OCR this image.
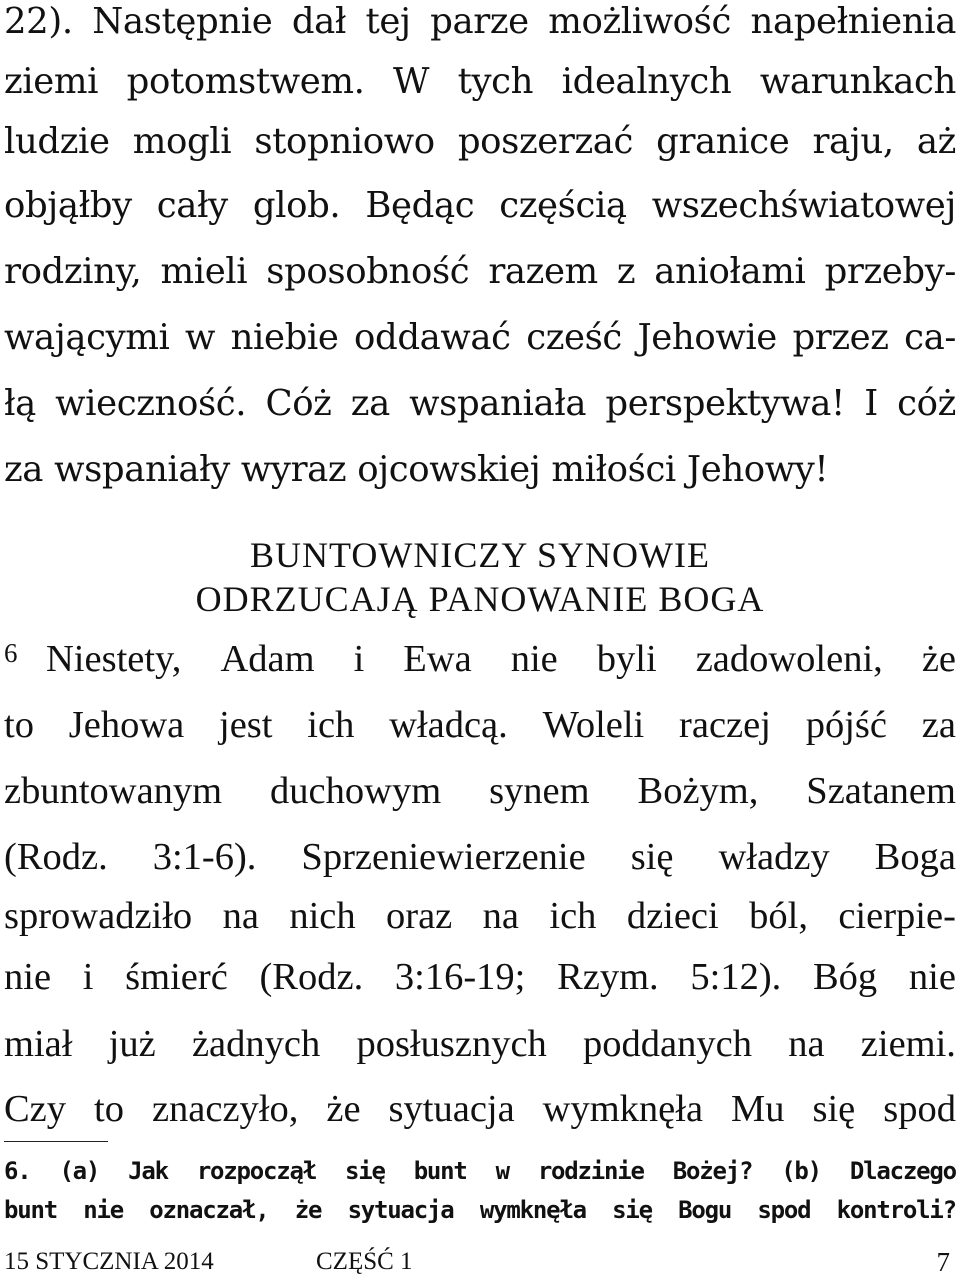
22). Następnie dał tej parze możliwość napełnienia
ziemi potomstwem. W tych idealnych warunkach
ludzie mogli stopniowo poszerzać granice raju, aż
objąłby cały glob. Będąc częścią wszechświatowej
rodziny, mieli sposobność razem z aniołami przeby-
wającymi w niebie oddawać cześć Jehowie przez ca-
łą wieczność. Cóż za wspaniała perspektywa! I cóż
za wspaniały wyraz ojcowskiej miłości Jehowy!
BUNTOWNICZY SYNOWIE
ODRZUCAJĄ PANOWANIE BOGA
Niestety, Adam i Ewa nie byli zadowoleni, że
to Jehowa jest ich władcą. Woleli raczej pójść za
zbuntowanym duchowym synem Bożym, Szatanem
(Rodz. 3:1-6). Sprzeniewierzenie się władzy Boga
sprowadziło na nich oraz na ich dzieci ból, cierpie-
nie i śmierć (Rodz. 3:16-19; Rzym. 5:12). Bóg nie
miał już żadnych posłusznych poddanych na ziemi.
Czy to znaczyło, że sytuacja wymknęła Mu się spod
6
6. (a) Jak rozpoczął się bunt w rodzinie Bożej? (b) Dlaczego
bunt nie oznaczał, że sytuacja wymknęła się Bogu spod kontroli?
15 STYCZNIA 2014	CZĘŚĆ 1	7
